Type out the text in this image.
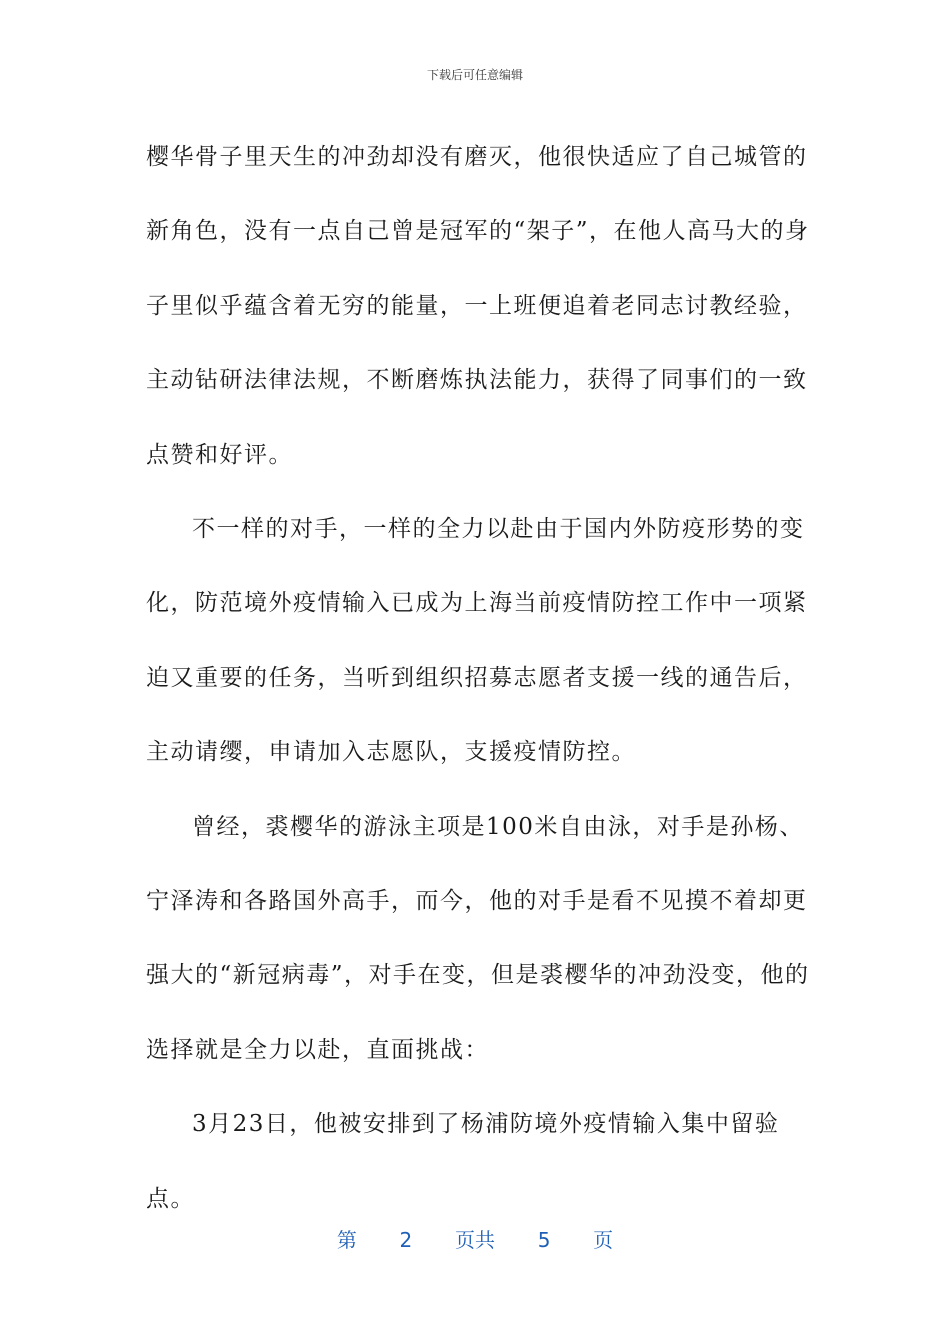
下载后可任意编辑

樱华骨子里天生的冲劲却没有磨灭，他很快适应了自己城管的新角色，没有一点自己曾是冠军的“架子”，在他人高马大的身子里似乎蕴含着无穷的能量，一上班便追着老同志讨教经验，主动钻研法律法规，不断磨炼执法能力，获得了同事们的一致点赞和好评。

不一样的对手，一样的全力以赴由于国内外防疫形势的变化，防范境外疫情输入已成为上海当前疫情防控工作中一项紧迫又重要的任务，当听到组织招募志愿者支援一线的通告后，主动请缨，申请加入志愿队，支援疫情防控。

曾经，裘樱华的游泳主项是100米自由泳，对手是孙杨、宁泽涛和各路国外高手，而今，他的对手是看不见摸不着却更强大的“新冠病毒”，对手在变，但是裘樱华的冲劲没变，他的选择就是全力以赴，直面挑战：

3月23日，他被安排到了杨浦防境外疫情输入集中留验点。

第 2 页共 5 页
